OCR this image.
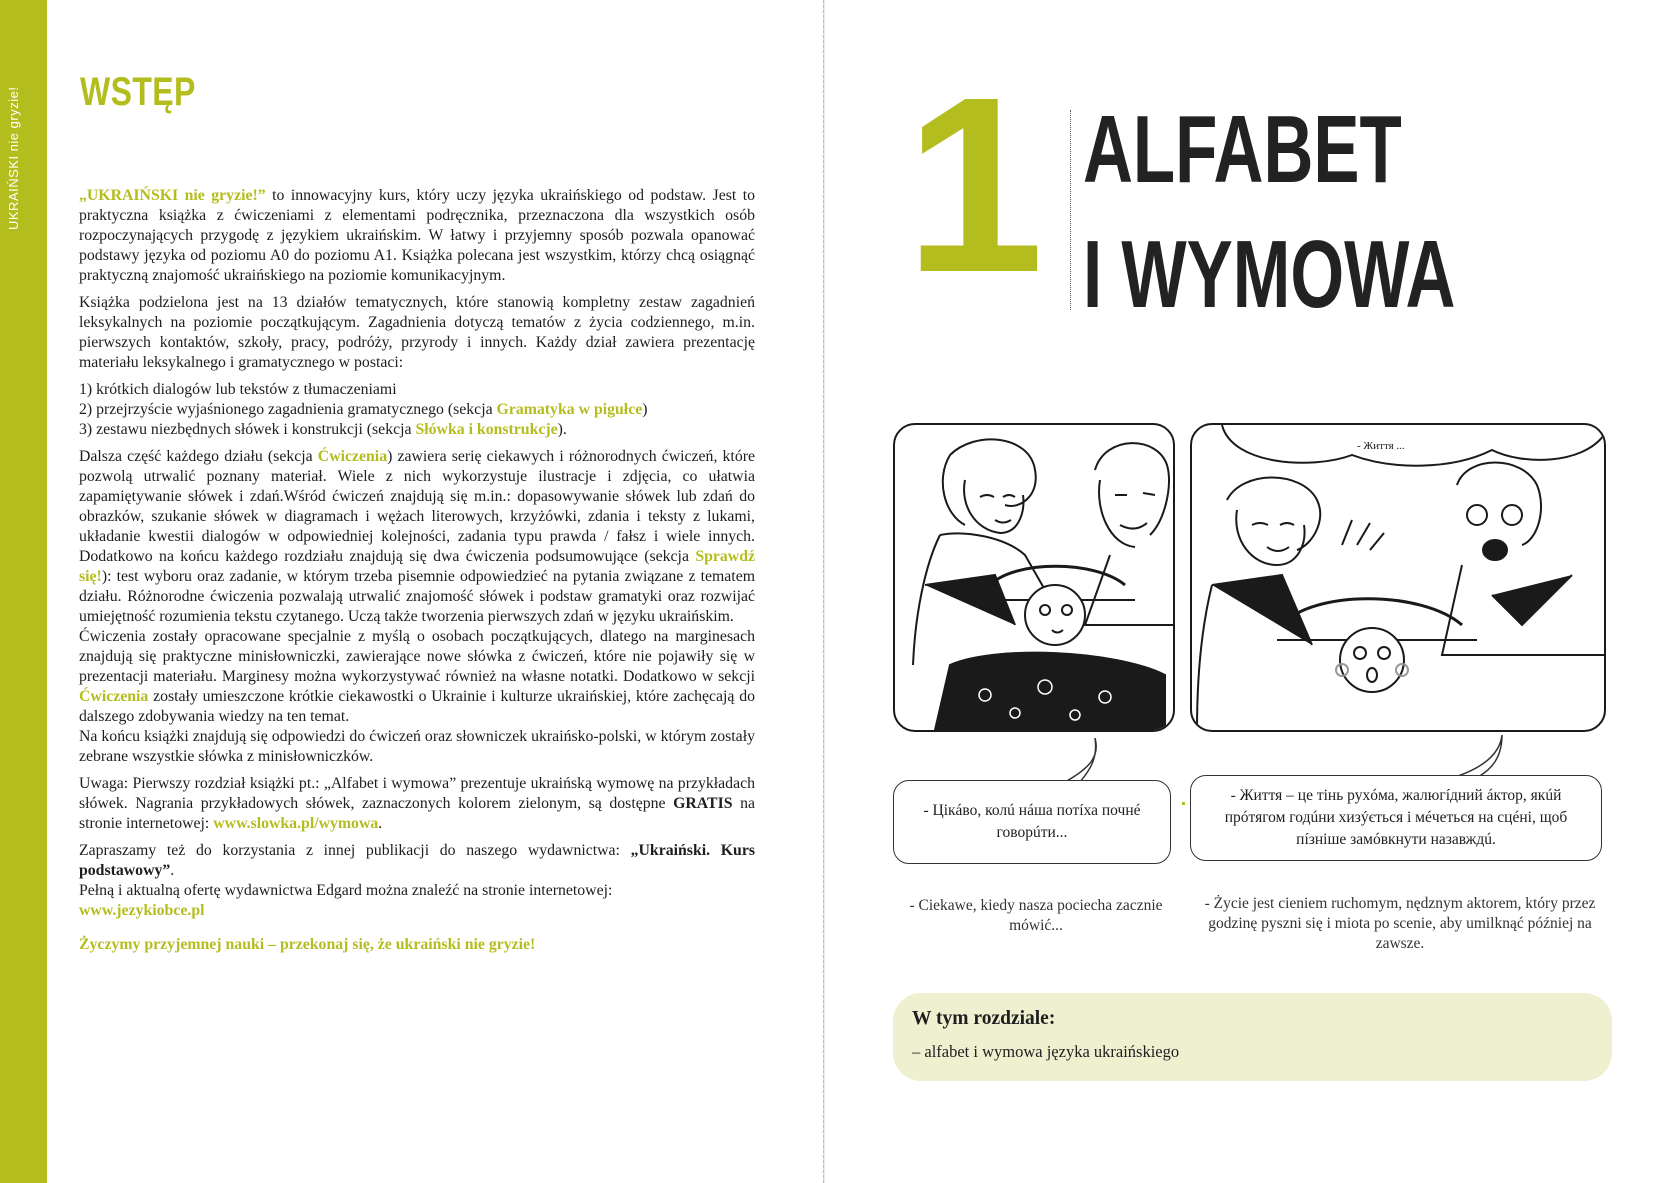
UKRAIŃSKI nie gryzie! WSTĘP

„UKRAIŃSKI nie gryzie!” to innowacyjny kurs, który uczy języka ukraińskiego od podstaw. Jest to praktyczna książka z ćwiczeniami z elementami podręcznika, przeznaczona dla wszystkich osób rozpoczynających przygodę z językiem ukraińskim. W łatwy i przyjemny sposób pozwala opanować podstawy języka od poziomu A0 do poziomu A1. Książka polecana jest wszystkim, którzy chcą osiągnąć praktyczną znajomość ukraińskiego na poziomie komunikacyjnym.

Książka podzielona jest na 13 działów tematycznych, które stanowią kompletny zestaw zagadnień leksykalnych na poziomie początkującym. Zagadnienia dotyczą tematów z życia codziennego, m.in. pierwszych kontaktów, szkoły, pracy, podróży, przyrody i innych. Każdy dział zawiera prezentację materiału leksykalnego i gramatycznego w postaci:

1) krótkich dialogów lub tekstów z tłumaczeniami

2) przejrzyście wyjaśnionego zagadnienia gramatycznego (sekcja Gramatyka w pigułce)

3) zestawu niezbędnych słówek i konstrukcji (sekcja Słówka i konstrukcje).

Dalsza część każdego działu (sekcja Ćwiczenia) zawiera serię ciekawych i różnorodnych ćwiczeń, które pozwolą utrwalić poznany materiał. Wiele z nich wykorzystuje ilustracje i zdjęcia, co ułatwia zapamiętywanie słówek i zdań.Wśród ćwiczeń znajdują się m.in.: dopasowywanie słówek lub zdań do obrazków, szukanie słówek w diagramach i wężach literowych, krzyżówki, zdania i teksty z lukami, układanie kwestii dialogów w odpowiedniej kolejności, zadania typu prawda / fałsz i wiele innych. Dodatkowo na końcu każdego rozdziału znajdują się dwa ćwiczenia podsumowujące (sekcja Sprawdź się!): test wyboru oraz zadanie, w którym trzeba pisemnie odpowiedzieć na pytania związane z tematem działu. Różnorodne ćwiczenia pozwalają utrwalić znajomość słówek i podstaw gramatyki oraz rozwijać umiejętność rozumienia tekstu czytanego. Uczą także tworzenia pierwszych zdań w języku ukraińskim.

Ćwiczenia zostały opracowane specjalnie z myślą o osobach początkujących, dlatego na marginesach znajdują się praktyczne minisłowniczki, zawierające nowe słówka z ćwiczeń, które nie pojawiły się w prezentacji materiału. Marginesy można wykorzystywać również na własne notatki. Dodatkowo w sekcji Ćwiczenia zostały umieszczone krótkie ciekawostki o Ukrainie i kulturze ukraińskiej, które zachęcają do dalszego zdobywania wiedzy na ten temat.

Na końcu książki znajdują się odpowiedzi do ćwiczeń oraz słowniczek ukraińsko-polski, w którym zostały zebrane wszystkie słówka z minisłowniczków.

Uwaga: Pierwszy rozdział książki pt.: „Alfabet i wymowa” prezentuje ukraińską wymowę na przykładach słówek. Nagrania przykładowych słówek, zaznaczonych kolorem zielonym, są dostępne GRATIS na stronie internetowej: www.slowka.pl/wymowa.

Zapraszamy też do korzystania z innej publikacji do naszego wydawnictwa: „Ukraiński. Kurs podstawowy”.

Pełną i aktualną ofertę wydawnictwa Edgard można znaleźć na stronie internetowej:

www.jezykiobce.pl

Życzymy przyjemnej nauki – przekonaj się, że ukraiński nie gryzie!

1 ALFABET
I WYMOWA
- Життя ...
- Цікáво, колú нáша потíха почнé говорúти...
- Життя – це тінь рухóма, жалюгíдний áктор, якúй прóтягом годúни хизýється і мéчеться на сцéні, щоб пíзніше замóвкнути назавждú.
- Ciekawe, kiedy nasza pociecha zacznie mówić...
- Życie jest cieniem ruchomym, nędznym aktorem, który przez godzinę pyszni się i miota po scenie, aby umilknąć później na zawsze.
W tym rozdziale:
– alfabet i wymowa języka ukraińskiego
